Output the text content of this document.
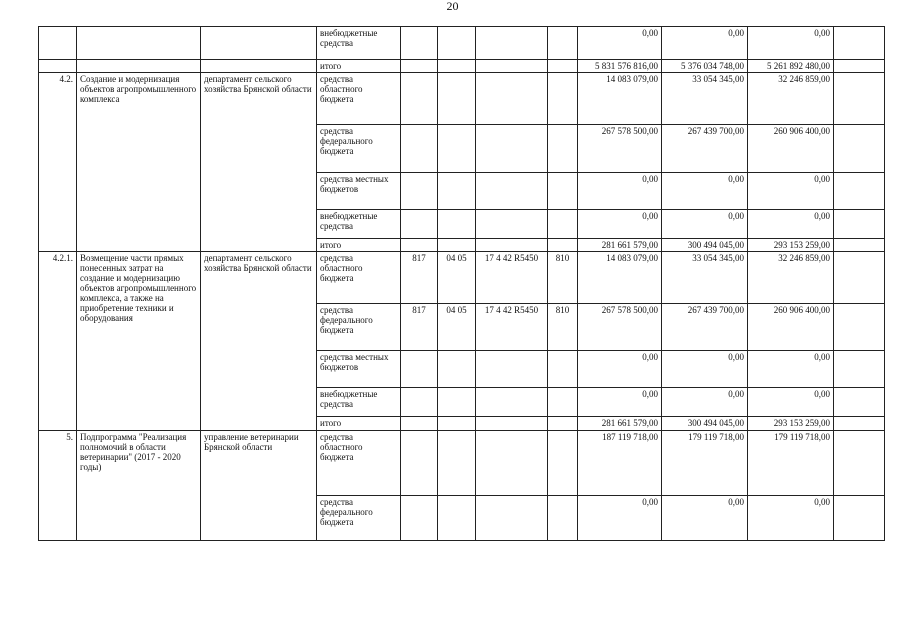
20
			внебюджетные средства					0,00	0,00	0,00	
			итого					5 831 576 816,00	5 376 034 748,00	5 261 892 480,00	
4.2.	Создание и модернизация объектов агропромышленного комплекса	департамент сельского хозяйства Брянской области	средства областного бюджета					14 083 079,00	33 054 345,00	32 246 859,00	
			средства федерального бюджета					267 578 500,00	267 439 700,00	260 906 400,00	
			средства местных бюджетов					0,00	0,00	0,00	
			внебюджетные средства					0,00	0,00	0,00	
			итого					281 661 579,00	300 494 045,00	293 153 259,00	
4.2.1.	Возмещение части прямых понесенных затрат на создание и модернизацию объектов агропромышленного комплекса, а также на приобретение техники и оборудования	департамент сельского хозяйства Брянской области	средства областного бюджета	817	04 05	17 4 42 R5450	810	14 083 079,00	33 054 345,00	32 246 859,00	
			средства федерального бюджета	817	04 05	17 4 42 R5450	810	267 578 500,00	267 439 700,00	260 906 400,00	
			средства местных бюджетов					0,00	0,00	0,00	
			внебюджетные средства					0,00	0,00	0,00	
			итого					281 661 579,00	300 494 045,00	293 153 259,00	
5.	Подпрограмма "Реализация полномочий в области ветеринарии" (2017 - 2020 годы)	управление ветеринарии Брянской области	средства областного бюджета					187 119 718,00	179 119 718,00	179 119 718,00	
			средства федерального бюджета					0,00	0,00	0,00	
